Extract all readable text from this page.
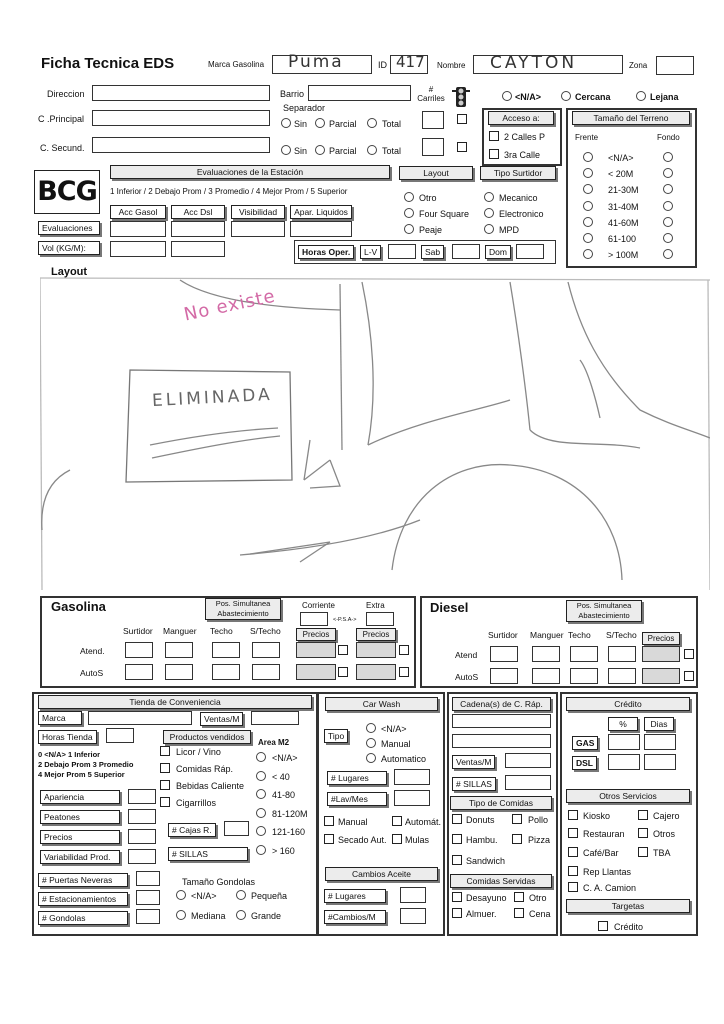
Ficha Tecnica EDS	Marca Gasolina Puma	ID 417 Nombre CAYTON	Zona
Direccion	Barrio
Separador
# Carriles
C .Principal	Sin Parcial	Total
C. Secund.	Sin Parcial	Total
<N/A>	Cercana	Lejana
Acceso a:
2 Calles P
3ra Calle
Tamaño del Terreno
Frente	Fondo
<N/A>
< 20M
21-30M
31-40M
41-60M
61-100
> 100M
BCG
Evaluaciones de la Estación
1 Inferior / 2 Debajo Prom / 3 Promedio / 4 Mejor Prom / 5 Superior
Acc Gasol	Acc Dsl	Visibilidad	Apar. Liquidos
Evaluaciones
Vol (KG/M):
Layout	Tipo Surtidor
Otro
Four Square
Peaje
Mecanico
Electronico
MPD
Horas Oper.	L-V	Sab	Dom
Layout
No existe
ELIMINADA
Gasolina	Pos. Simultanea Abastecimiento
Corriente
<-P.S.A->
Extra
Surtidor Manguer Techo S/Techo	Precios	Precios
Atend.
AutoS
Diesel	Pos. Simultanea Abastecimiento
Surtidor Manguer Techo S/Techo	Precios
Atend
AutoS
Tienda de Conveniencia
Marca	Ventas/M
Horas Tienda
0 <N/A> 1 Inferior
2 Debajo Prom 3 Promedio
4 Mejor Prom 5 Superior
Apariencia
Peatones
Precios
Variabilidad Prod.
Productos vendidos
Licor / Vino
Comidas Ráp.
Bebidas Caliente
Cigarrillos
Area M2
<N/A>
< 40
41-80
81-120M
121-160
> 160
# Cajas R.
# SILLAS
# Puertas Neveras
# Estacionamientos
# Gondolas
Tamaño Gondolas
<N/A>	Pequeña
Mediana	Grande
Car Wash
Tipo
<N/A>
Manual
Automatico
# Lugares
#Lav/Mes
Manual	Automát.
Secado Aut. Mulas
Cambios Aceite
# Lugares
#Cambios/M
Cadena(s) de C. Ráp.
Ventas/M
# SILLAS
Tipo de Comidas
Donuts	Pollo
Hambu.	Pizza
Sandwich
Comidas Servidas
Desayuno Otro
Almuer.	Cena
Crédito
%	Dias
GAS
DSL
Otros Servicios
Kiosko	Cajero
Restauran	Otros
Café/Bar	TBA
Rep Llantas
C. A. Camion
Targetas
Crédito
